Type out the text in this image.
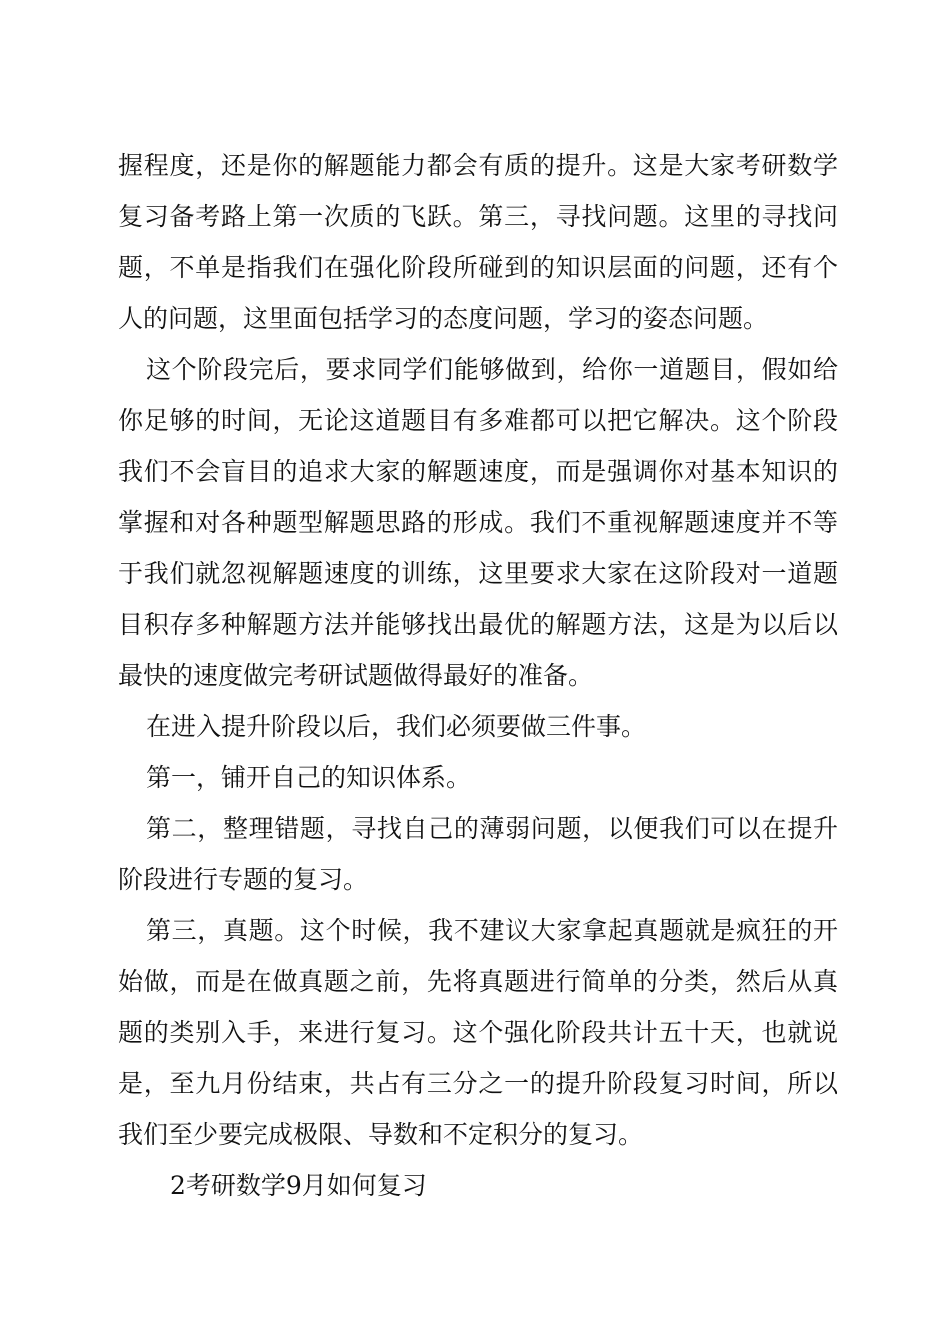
握程度，还是你的解题能力都会有质的提升。这是大家考研数学
复习备考路上第一次质的飞跃。第三，寻找问题。这里的寻找问
题，不单是指我们在强化阶段所碰到的知识层面的问题，还有个
人的问题，这里面包括学习的态度问题，学习的姿态问题。
这个阶段完后，要求同学们能够做到，给你一道题目，假如给
你足够的时间，无论这道题目有多难都可以把它解决。这个阶段
我们不会盲目的追求大家的解题速度，而是强调你对基本知识的
掌握和对各种题型解题思路的形成。我们不重视解题速度并不等
于我们就忽视解题速度的训练，这里要求大家在这阶段对一道题
目积存多种解题方法并能够找出最优的解题方法，这是为以后以
最快的速度做完考研试题做得最好的准备。
在进入提升阶段以后，我们必须要做三件事。
第一，铺开自己的知识体系。
第二，整理错题，寻找自己的薄弱问题，以便我们可以在提升
阶段进行专题的复习。
第三，真题。这个时候，我不建议大家拿起真题就是疯狂的开
始做，而是在做真题之前，先将真题进行简单的分类，然后从真
题的类别入手，来进行复习。这个强化阶段共计五十天，也就说
是，至九月份结束，共占有三分之一的提升阶段复习时间，所以
我们至少要完成极限、导数和不定积分的复习。
2考研数学9月如何复习
